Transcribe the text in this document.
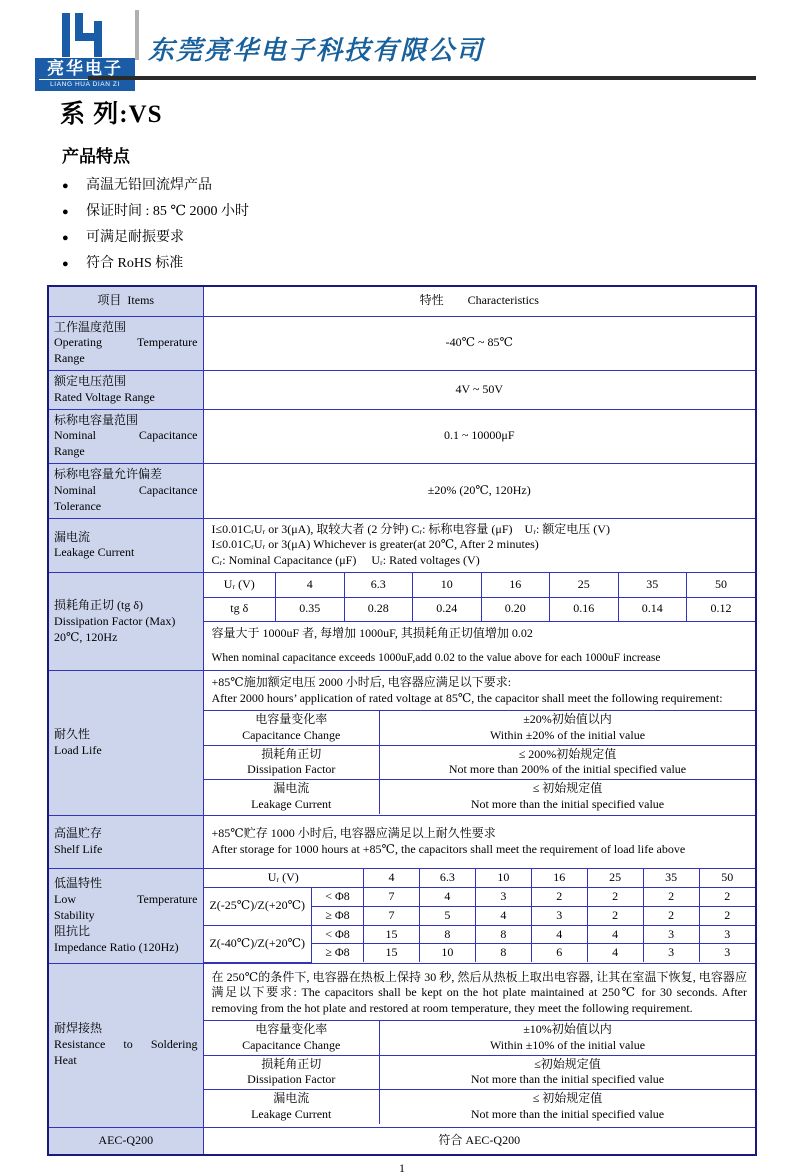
亮华电子
LIANG HUA DIAN ZI
东莞亮华电子科技有限公司
系 列:VS
产品特点
●	高温无铅回流焊产品
●	保证时间 : 85 ℃ 2000 小时
●	可满足耐振要求
●	符合 RoHS 标准
项目  Items	特性        Characteristics

工作温度范围
Operating Temperature
Range
	-40℃ ~ 85℃

额定电压范围
Rated Voltage Range
	4V ~ 50V

标称电容量范围
Nominal Capacitance
Range
	0.1 ~ 10000μF

标称电容量允许偏差
Nominal Capacitance
Tolerance
	±20% (20℃, 120Hz)

漏电流
Leakage Current

I≤0.01CᵣUᵣ or 3(μA), 取较大者 (2 分钟) Cᵣ: 标称电容量 (μF)    Uᵣ: 额定电压 (V)
I≤0.01CᵣUᵣ or 3(μA) Whichever is greater(at 20℃, After 2 minutes)
Cᵣ: Nominal Capacitance (μF)     Uᵣ: Rated voltages (V)

损耗角正切 (tg δ)
Dissipation Factor (Max)
20℃, 120Hz

Uᵣ (V)	4	6.3	10	16	25	35	50
tg δ	0.35	0.28	0.24	0.20	0.16	0.14	0.12
容量大于 1000uF 者, 每增加 1000uF, 其损耗角正切值增加 0.02
When nominal capacitance exceeds 1000uF,add 0.02 to the value above for each 1000uF increase

耐久性
Load Life

+85℃施加额定电压 2000 小时后, 电容器应满足以下要求:
After 2000 hours’ application of rated voltage at 85℃, the capacitor shall meet the following requirement:
电容量变化率
Capacitance Change

±20%初始值以内
Within ±20% of the initial value

损耗角正切
Dissipation Factor

≤ 200%初始规定值
Not more than 200% of the initial specified value

漏电流
Leakage Current

≤ 初始规定值
Not more than the initial specified value

高温贮存
Shelf Life

+85℃贮存 1000 小时后, 电容器应满足以上耐久性要求
After storage for 1000 hours at +85℃, the capacitors shall meet the requirement of load life above

低温特性
Low Temperature
Stability
阻抗比
Impedance Ratio (120Hz)

Uᵣ (V)	4	6.3	10	16	25	35	50
Z(-25℃)/Z(+20℃)	< Φ8	7	4	3	2	2	2	2
≥ Φ8	7	5	4	3	2	2	2
Z(-40℃)/Z(+20℃)	< Φ8	15	8	8	4	4	3	3
≥ Φ8	15	10	8	6	4	3	3

耐焊接热
Resistance to Soldering
Heat

在 250℃的条件下, 电容器在热板上保持 30 秒, 然后从热板上取出电容器, 让其在室温下恢复, 电容器应满足以下要求: The capacitors shall be kept on the hot plate maintained at 250℃ for 30 seconds. After removing from the hot plate and restored at room temperature, they meet the following requirement.
电容量变化率
Capacitance Change

±10%初始值以内
Within ±10% of the initial value

损耗角正切
Dissipation Factor

≤初始规定值
Not more than the initial specified value

漏电流
Leakage Current

≤ 初始规定值
Not more than the initial specified value

AEC-Q200	符合 AEC-Q200
1
